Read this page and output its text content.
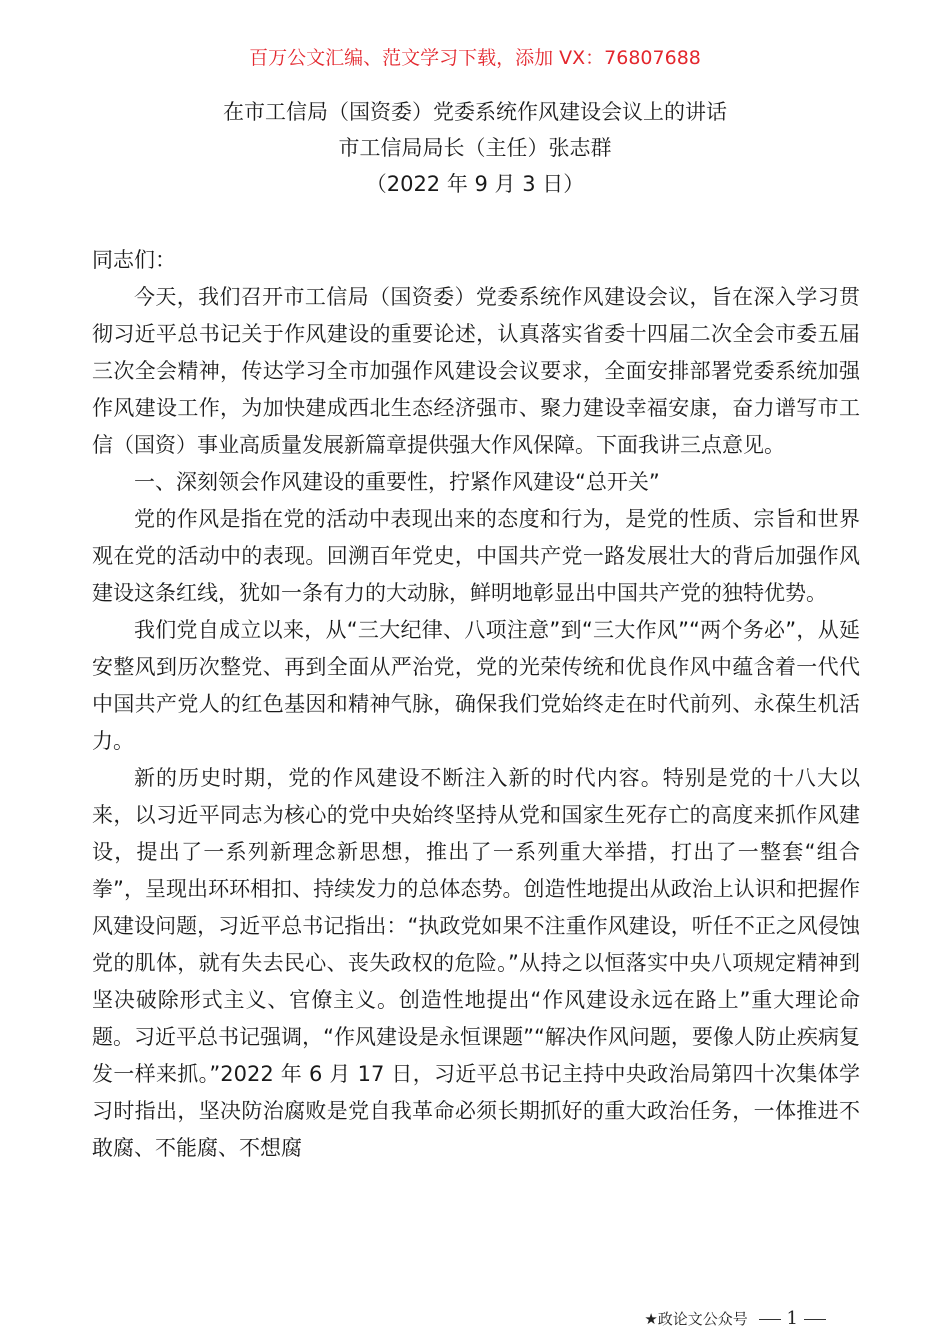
百万公文汇编、范文学习下载，添加 VX：76807688
在市工信局（国资委）党委系统作风建设会议上的讲话
市工信局局长（主任）张志群
（2022 年 9 月 3 日）

同志们：

今天，我们召开市工信局（国资委）党委系统作风建设会议，旨在深入学习贯彻习近平总书记关于作风建设的重要论述，认真落实省委十四届二次全会市委五届三次全会精神，传达学习全市加强作风建设会议要求，全面安排部署党委系统加强作风建设工作，为加快建成西北生态经济强市、聚力建设幸福安康，奋力谱写市工信（国资）事业高质量发展新篇章提供强大作风保障。下面我讲三点意见。

一、深刻领会作风建设的重要性，拧紧作风建设“总开关”

党的作风是指在党的活动中表现出来的态度和行为，是党的性质、宗旨和世界观在党的活动中的表现。回溯百年党史，中国共产党一路发展壮大的背后加强作风建设这条红线，犹如一条有力的大动脉，鲜明地彰显出中国共产党的独特优势。

我们党自成立以来，从“三大纪律、八项注意”到“三大作风”“两个务必”，从延安整风到历次整党、再到全面从严治党，党的光荣传统和优良作风中蕴含着一代代中国共产党人的红色基因和精神气脉，确保我们党始终走在时代前列、永葆生机活力。

新的历史时期，党的作风建设不断注入新的时代内容。特别是党的十八大以来，以习近平同志为核心的党中央始终坚持从党和国家生死存亡的高度来抓作风建设，提出了一系列新理念新思想，推出了一系列重大举措，打出了一整套“组合拳”，呈现出环环相扣、持续发力的总体态势。创造性地提出从政治上认识和把握作风建设问题，习近平总书记指出：“执政党如果不注重作风建设，听任不正之风侵蚀党的肌体，就有失去民心、丧失政权的危险。”从持之以恒落实中央八项规定精神到坚决破除形式主义、官僚主义。创造性地提出“作风建设永远在路上”重大理论命题。习近平总书记强调，“作风建设是永恒课题”“解决作风问题，要像人防止疾病复发一样来抓。”2022 年 6 月 17 日，习近平总书记主持中央政治局第四十次集体学习时指出，坚决防治腐败是党自我革命必须长期抓好的重大政治任务，一体推进不敢腐、不能腐、不想腐

★政论文公众号 1
